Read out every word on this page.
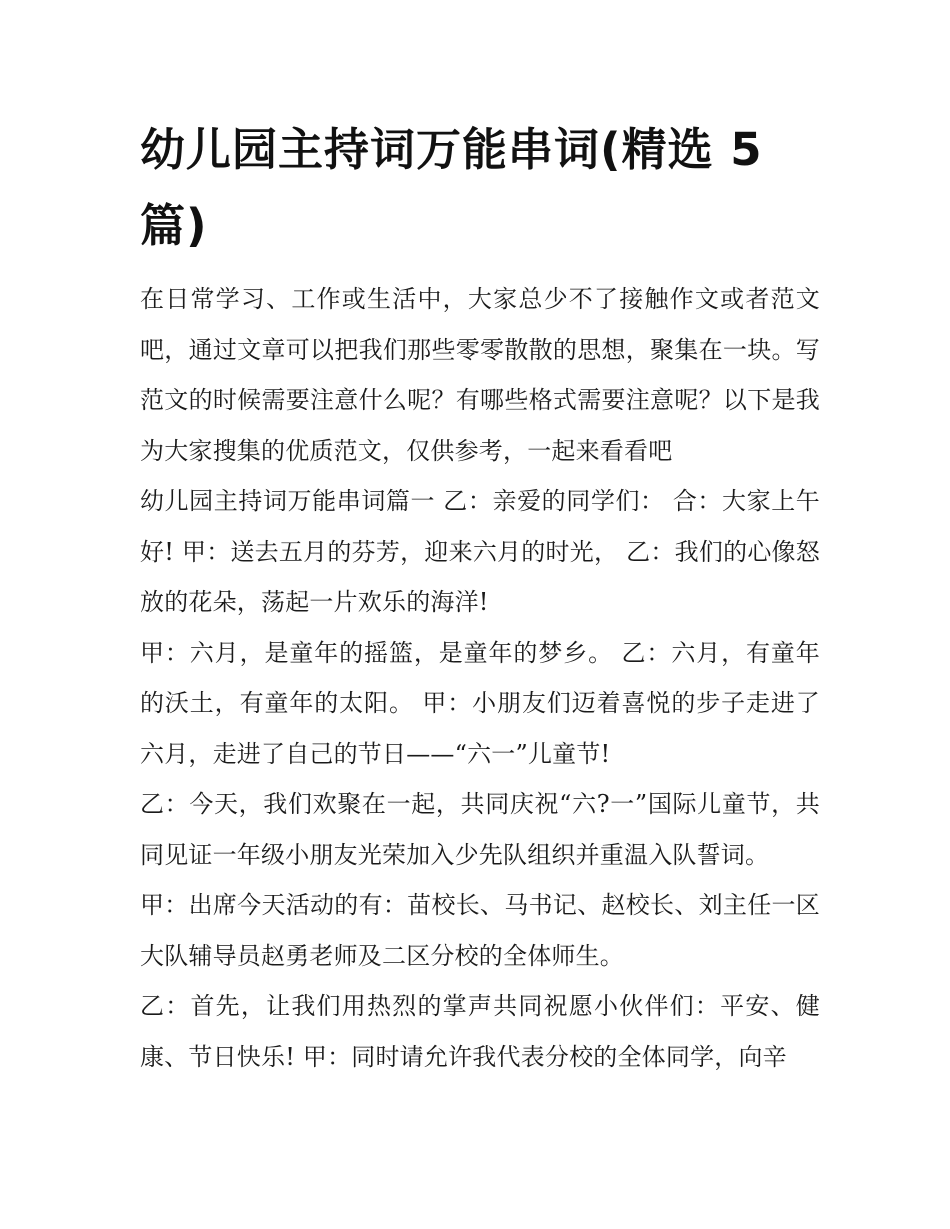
幼儿园主持词万能串词(精选 5 篇)

在日常学习、工作或生活中，大家总少不了接触作文或者范文吧，通过文章可以把我们那些零零散散的思想，聚集在一块。写范文的时候需要注意什么呢？有哪些格式需要注意呢？以下是我为大家搜集的优质范文，仅供参考，一起来看看吧

幼儿园主持词万能串词篇一 乙：亲爱的同学们： 合：大家上午好! 甲：送去五月的芬芳，迎来六月的时光， 乙：我们的心像怒放的花朵，荡起一片欢乐的海洋!

甲：六月，是童年的摇篮，是童年的梦乡。 乙：六月，有童年的沃土，有童年的太阳。 甲：小朋友们迈着喜悦的步子走进了六月，走进了自己的节日——“六一”儿童节!

乙：今天，我们欢聚在一起，共同庆祝“六?一”国际儿童节，共同见证一年级小朋友光荣加入少先队组织并重温入队誓词。

甲：出席今天活动的有：苗校长、马书记、赵校长、刘主任一区大队辅导员赵勇老师及二区分校的全体师生。

乙：首先，让我们用热烈的掌声共同祝愿小伙伴们：平安、健康、节日快乐! 甲：同时请允许我代表分校的全体同学，向辛
